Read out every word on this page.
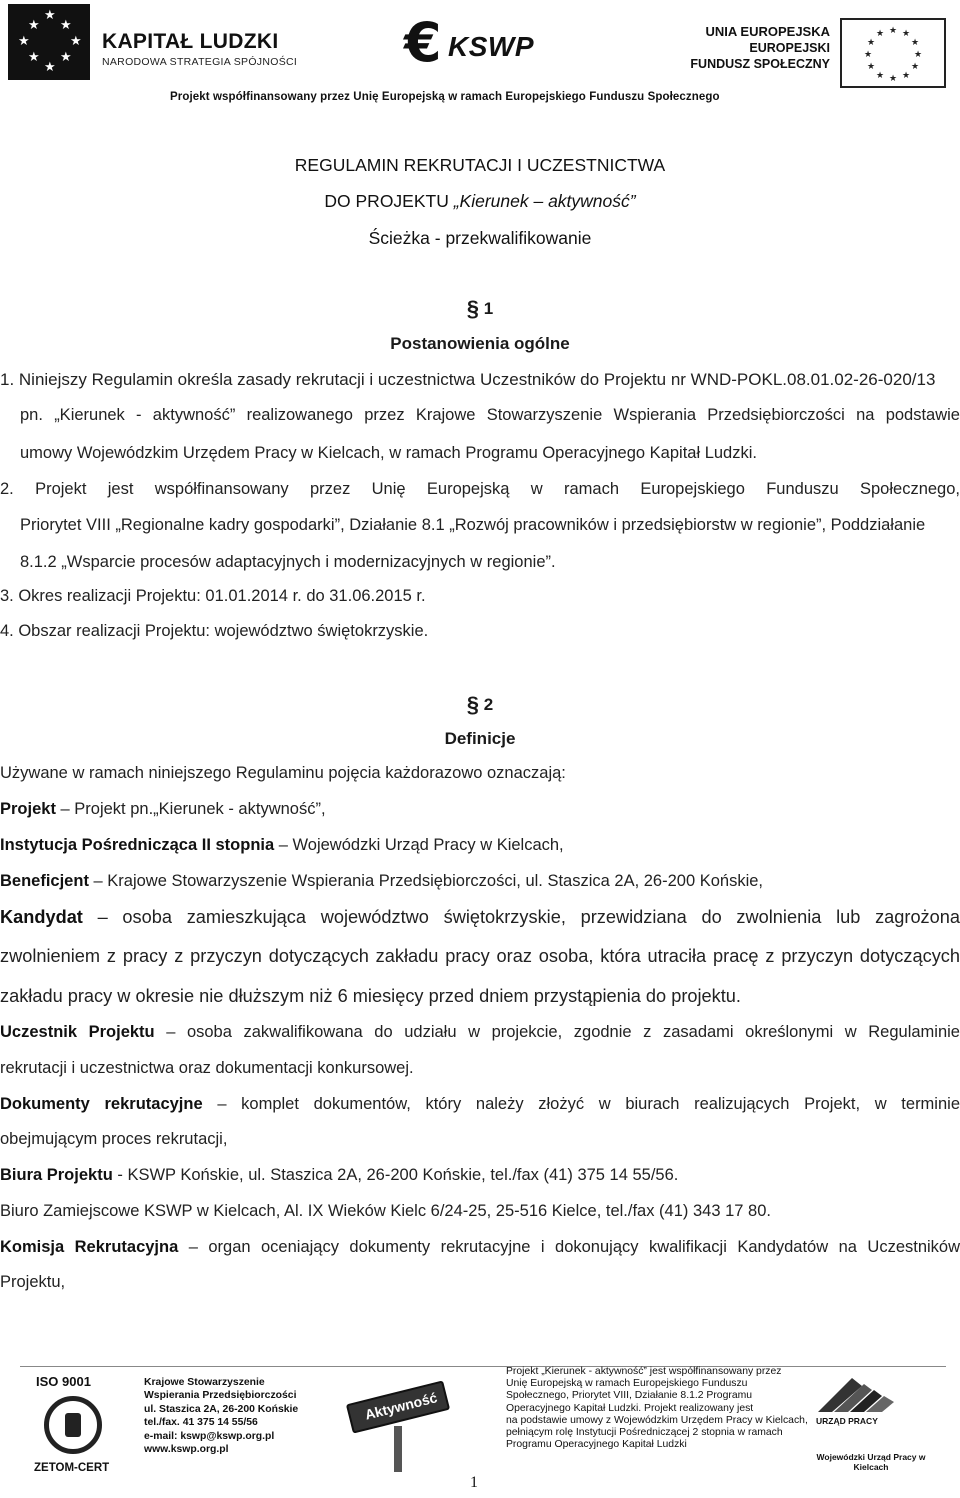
★
★ ★
★	★
★ ★
★
KAPITAŁ LUDZKI
NARODOWA STRATEGIA SPÓJNOŚCI € KSWP	UNIA EUROPEJSKA
EUROPEJSKI
FUNDUSZ SPOŁECZNY
★ ★
★
★
★
★
★
★
★
★
★
★
Projekt współfinansowany przez Unię Europejską w ramach Europejskiego Funduszu Społecznego
REGULAMIN REKRUTACJI I UCZESTNICTWA
DO PROJEKTU „Kierunek – aktywność”
Ścieżka - przekwalifikowanie
§ 1
Postanowienia ogólne
1. Niniejszy Regulamin określa zasady rekrutacji i uczestnictwa Uczestników do Projektu nr WND-POKL.08.01.02-26-020/13
pn. „Kierunek - aktywność” realizowanego przez Krajowe Stowarzyszenie Wspierania Przedsiębiorczości na podstawie
umowy Wojewódzkim Urzędem Pracy w Kielcach, w ramach Programu Operacyjnego Kapitał Ludzki.
2. Projekt jest współfinansowany przez Unię Europejską w ramach Europejskiego Funduszu Społecznego,
Priorytet VIII „Regionalne kadry gospodarki”, Działanie 8.1 „Rozwój pracowników i przedsiębiorstw w regionie”, Poddziałanie
8.1.2 „Wsparcie procesów adaptacyjnych i modernizacyjnych w regionie”.
3. Okres realizacji Projektu: 01.01.2014 r. do 31.06.2015 r.
4. Obszar realizacji Projektu: województwo świętokrzyskie.
§ 2
Definicje
Używane w ramach niniejszego Regulaminu pojęcia każdorazowo oznaczają:
Projekt – Projekt pn.„Kierunek - aktywność”,
Instytucja Pośrednicząca II stopnia – Wojewódzki Urząd Pracy w Kielcach,
Beneficjent – Krajowe Stowarzyszenie Wspierania Przedsiębiorczości, ul. Staszica 2A, 26-200 Końskie,
Kandydat – osoba zamieszkująca województwo świętokrzyskie, przewidziana do zwolnienia lub zagrożona
zwolnieniem z pracy z przyczyn dotyczących zakładu pracy oraz osoba, która utraciła pracę z przyczyn dotyczących
zakładu pracy w okresie nie dłuższym niż 6 miesięcy przed dniem przystąpienia do projektu.
Uczestnik Projektu – osoba zakwalifikowana do udziału w projekcie, zgodnie z zasadami określonymi w Regulaminie
rekrutacji i uczestnictwa oraz dokumentacji konkursowej.
Dokumenty rekrutacyjne – komplet dokumentów, który należy złożyć w biurach realizujących Projekt, w terminie
obejmującym proces rekrutacji,
Biura Projektu - KSWP Końskie, ul. Staszica 2A, 26-200 Końskie, tel./fax (41) 375 14 55/56.
Biuro Zamiejscowe KSWP w Kielcach, Al. IX Wieków Kielc 6/24-25, 25-516 Kielce, tel./fax (41) 343 17 80.
Komisja Rekrutacyjna – organ oceniający dokumenty rekrutacyjne i dokonujący kwalifikacji Kandydatów na Uczestników
Projektu,
ISO 9001
ZETOM-CERT
Krajowe Stowarzyszenie
Wspierania Przedsiębiorczości
ul. Staszica 2A, 26-200 Końskie
tel./fax. 41 375 14 55/56
e-mail: kswp@kswp.org.pl
www.kswp.org.pl
Aktywność
Projekt „Kierunek - aktywność” jest współfinansowany przez
Unię Europejską w ramach Europejskiego Funduszu
Społecznego, Priorytet VIII, Działanie 8.1.2 Programu
Operacyjnego Kapitał Ludzki. Projekt realizowany jest
na podstawie umowy z Wojewódzkim Urzędem Pracy w Kielcach,
pełniącym rolę Instytucji Pośredniczącej 2 stopnia w ramach
Programu Operacyjnego Kapitał Ludzki
URZĄD PRACY
Wojewódzki Urząd Pracy w Kielcach
1
